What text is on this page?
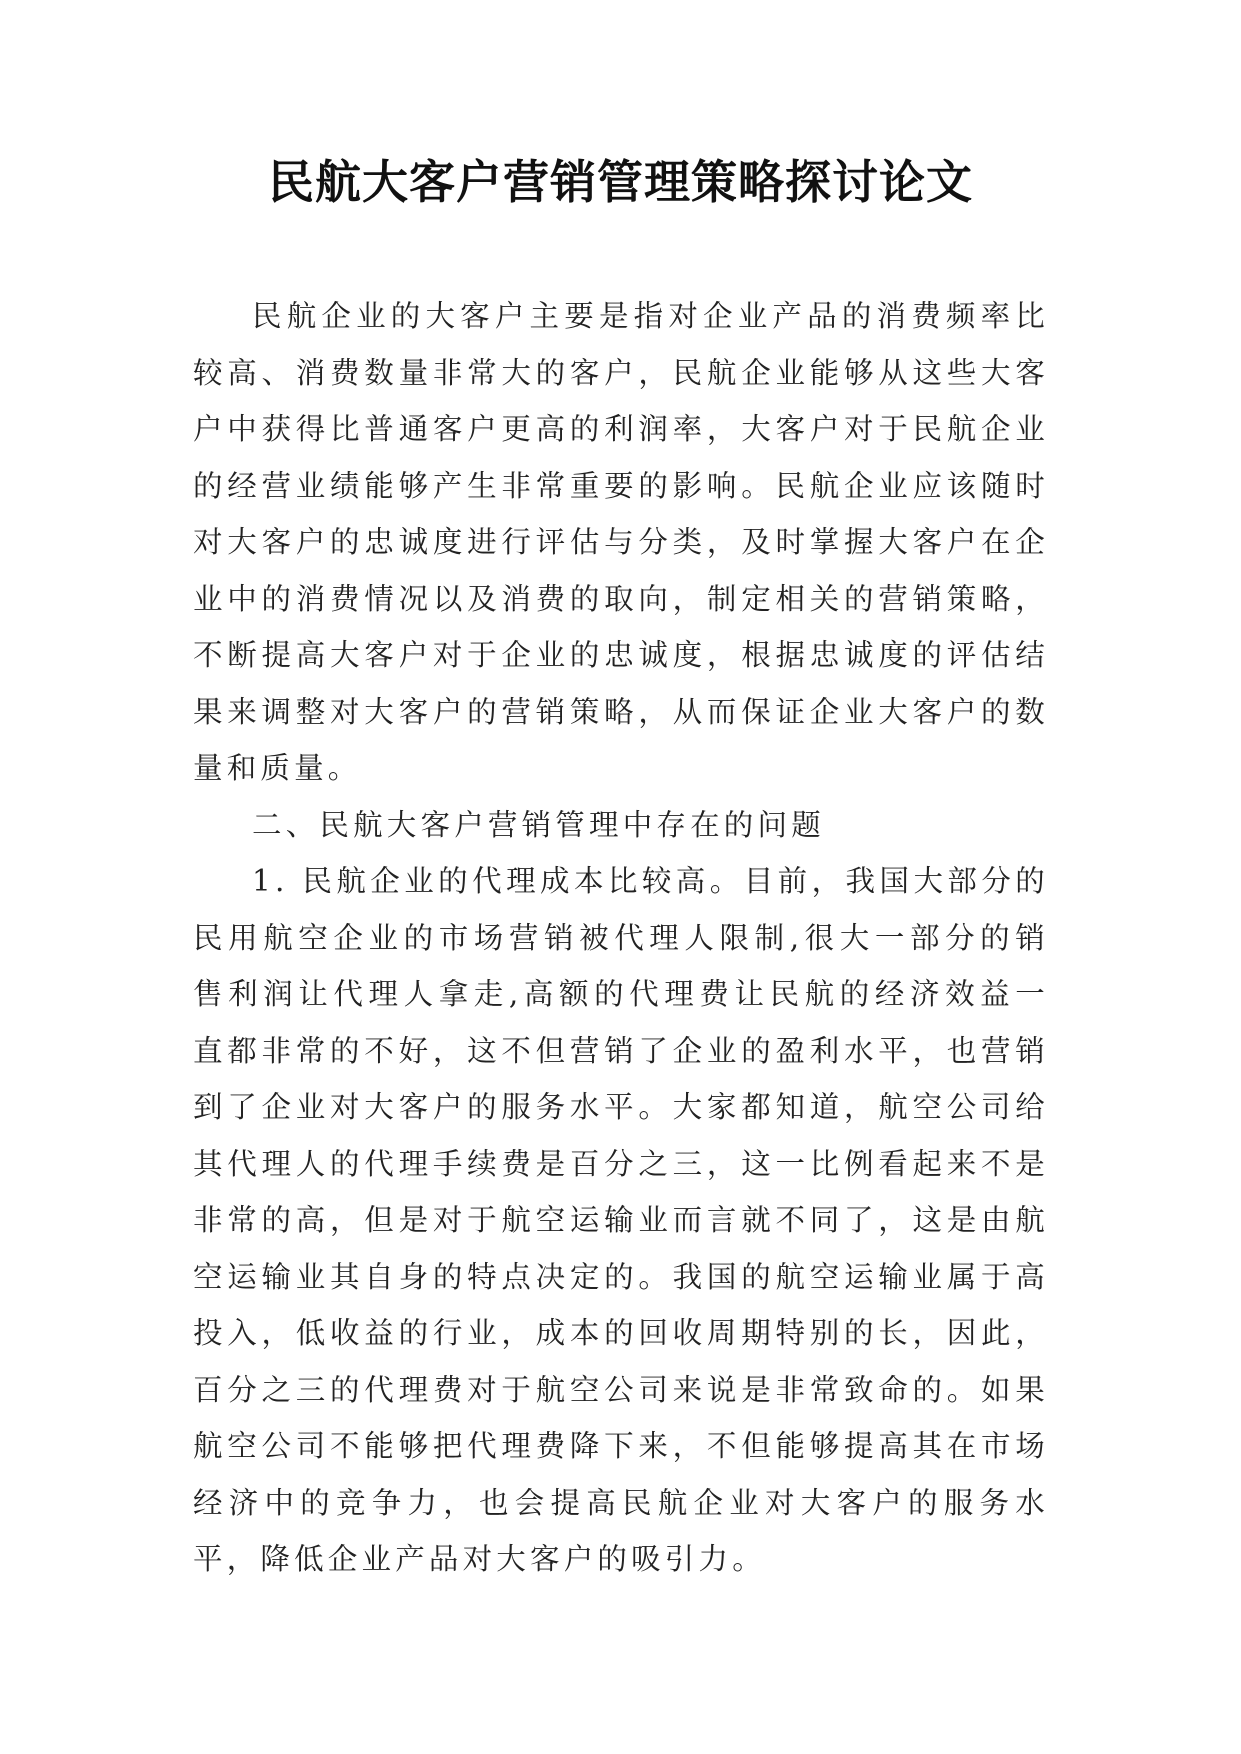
民航大客户营销管理策略探讨论文

民航企业的大客户主要是指对企业产品的消费频率比较高、消费数量非常大的客户，民航企业能够从这些大客户中获得比普通客户更高的利润率，大客户对于民航企业的经营业绩能够产生非常重要的影响。民航企业应该随时对大客户的忠诚度进行评估与分类，及时掌握大客户在企业中的消费情况以及消费的取向，制定相关的营销策略，不断提高大客户对于企业的忠诚度，根据忠诚度的评估结果来调整对大客户的营销策略，从而保证企业大客户的数量和质量。

二、民航大客户营销管理中存在的问题

1. 民航企业的代理成本比较高。目前，我国大部分的民用航空企业的市场营销被代理人限制,很大一部分的销售利润让代理人拿走,高额的代理费让民航的经济效益一直都非常的不好，这不但营销了企业的盈利水平，也营销到了企业对大客户的服务水平。大家都知道，航空公司给其代理人的代理手续费是百分之三，这一比例看起来不是非常的高，但是对于航空运输业而言就不同了，这是由航空运输业其自身的特点决定的。我国的航空运输业属于高投入，低收益的行业，成本的回收周期特别的长，因此，百分之三的代理费对于航空公司来说是非常致命的。如果航空公司不能够把代理费降下来，不但能够提高其在市场经济中的竞争力，也会提高民航企业对大客户的服务水平，降低企业产品对大客户的吸引力。
